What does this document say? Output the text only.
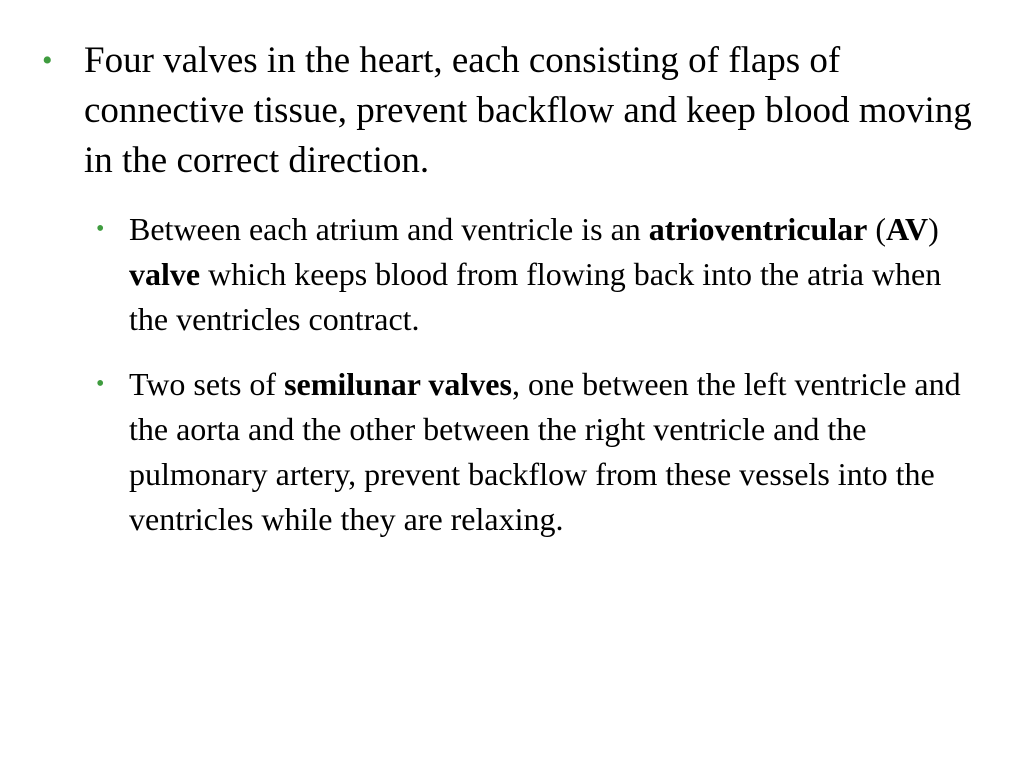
• Four valves in the heart, each consisting of flaps of connective tissue, prevent backflow and keep blood moving in the correct direction.
• Between each atrium and ventricle is an atrioventricular (AV) valve which keeps blood from flowing back into the atria when the ventricles contract.
• Two sets of semilunar valves, one between the left ventricle and the aorta and the other between the right ventricle and the pulmonary artery, prevent backflow from these vessels into the ventricles while they are relaxing.
